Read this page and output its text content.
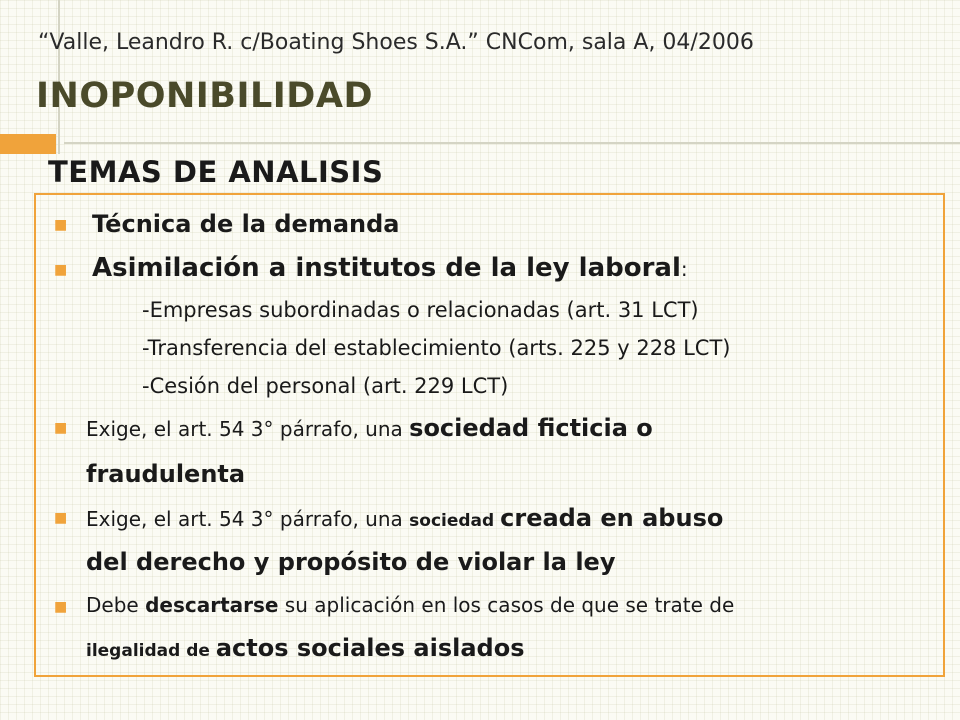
“Valle, Leandro R. c/Boating Shoes S.A.” CNCom, sala A, 04/2006
INOPONIBILIDAD
TEMAS DE ANALISIS
■ Técnica de la demanda
■ Asimilación a institutos de la ley laboral:
-Empresas subordinadas o relacionadas (art. 31 LCT)
-Transferencia del establecimiento (arts. 225 y 228 LCT)
-Cesión del personal (art. 229 LCT)
■ Exige, el art. 54 3° párrafo, una sociedad ficticia o
fraudulenta
■ Exige, el art. 54 3° párrafo, una sociedad creada en abuso
del derecho y propósito de violar la ley
■ Debe descartarse su aplicación en los casos de que se trate de
ilegalidad de actos sociales aislados
